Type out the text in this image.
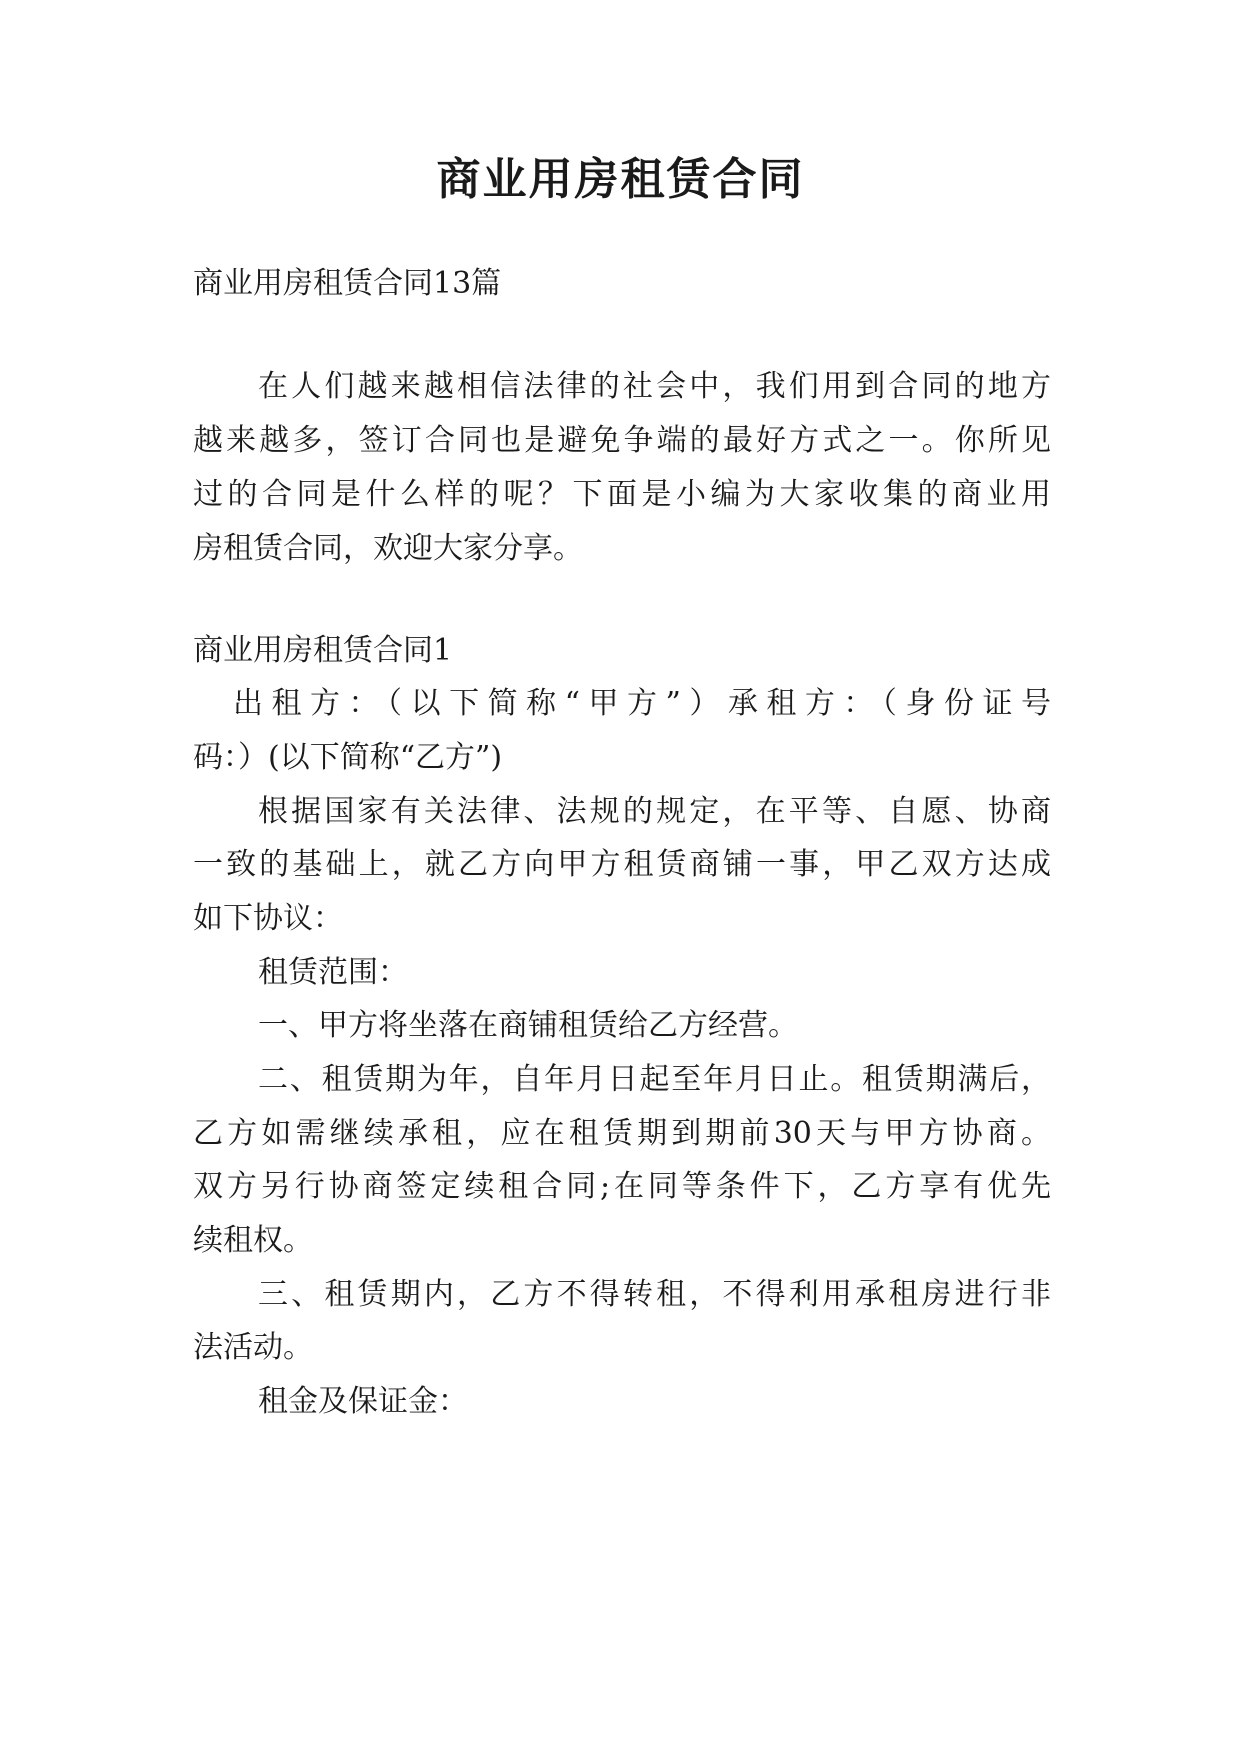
商业用房租赁合同

商业用房租赁合同13篇

在人们越来越相信法律的社会中，我们用到合同的地方

越来越多，签订合同也是避免争端的最好方式之一。你所见

过的合同是什么样的呢？下面是小编为大家收集的商业用

房租赁合同，欢迎大家分享。

商业用房租赁合同1

出租方：（以下简称“甲方”）承租方：（身份证号

码：）(以下简称“乙方”)

根据国家有关法律、法规的规定，在平等、自愿、协商

一致的基础上，就乙方向甲方租赁商铺一事，甲乙双方达成

如下协议：

租赁范围：

一、甲方将坐落在商铺租赁给乙方经营。

二、租赁期为年，自年月日起至年月日止。租赁期满后，

乙方如需继续承租，应在租赁期到期前30天与甲方协商。

双方另行协商签定续租合同;在同等条件下，乙方享有优先

续租权。

三、租赁期内，乙方不得转租，不得利用承租房进行非

法活动。

租金及保证金：
